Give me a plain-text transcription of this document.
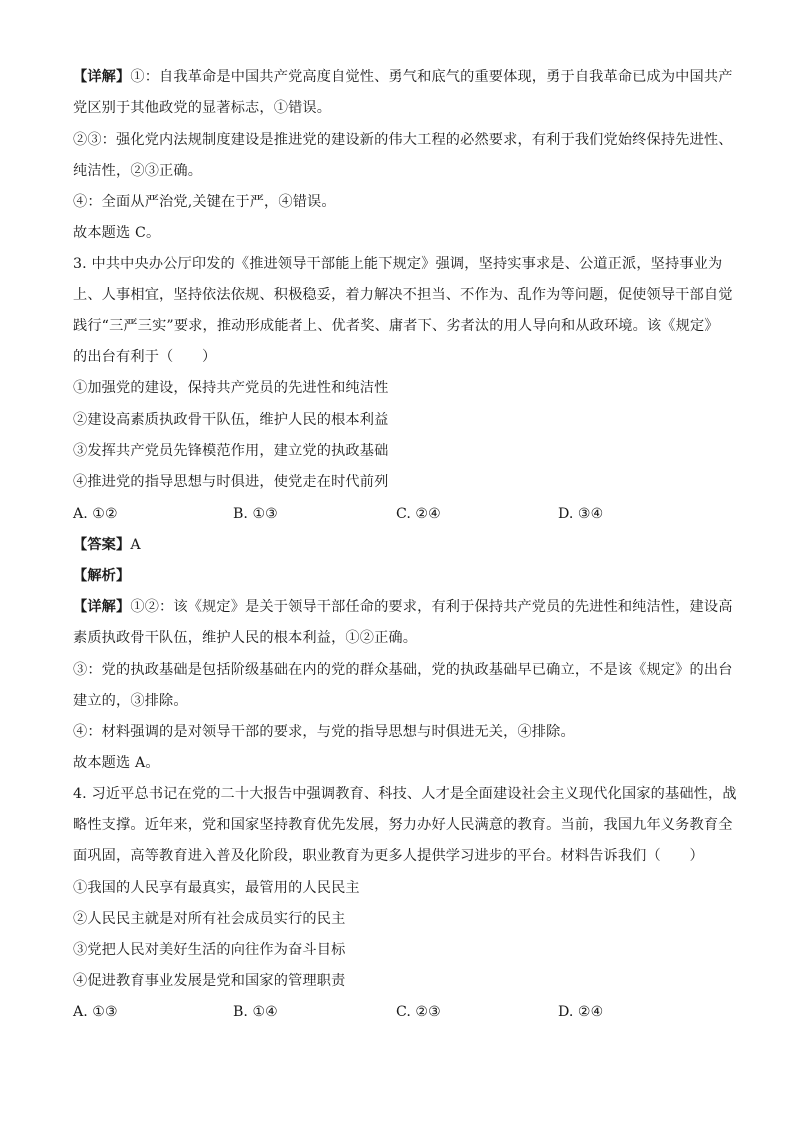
【详解】①：自我革命是中国共产党高度自觉性、勇气和底气的重要体现，勇于自我革命已成为中国共产
党区别于其他政党的显著标志，①错误。
②③：强化党内法规制度建设是推进党的建设新的伟大工程的必然要求，有利于我们党始终保持先进性、
纯洁性，②③正确。
④：全面从严治党,关键在于严，④错误。
故本题选 C。
3. 中共中央办公厅印发的《推进领导干部能上能下规定》强调，坚持实事求是、公道正派，坚持事业为
上、人事相宜，坚持依法依规、积极稳妥，着力解决不担当、不作为、乱作为等问题，促使领导干部自觉
践行“三严三实”要求，推动形成能者上、优者奖、庸者下、劣者汰的用人导向和从政环境。该《规定》
的出台有利于（　　）
①加强党的建设，保持共产党员的先进性和纯洁性
②建设高素质执政骨干队伍，维护人民的根本利益
③发挥共产党员先锋模范作用，建立党的执政基础
④推进党的指导思想与时俱进，使党走在时代前列
A. ①②	B. ①③	C. ②④	D. ③④
【答案】A
【解析】
【详解】①②：该《规定》是关于领导干部任命的要求，有利于保持共产党员的先进性和纯洁性，建设高
素质执政骨干队伍，维护人民的根本利益，①②正确。
③：党的执政基础是包括阶级基础在内的党的群众基础，党的执政基础早已确立，不是该《规定》的出台
建立的，③排除。
④：材料强调的是对领导干部的要求，与党的指导思想与时俱进无关，④排除。
故本题选 A。
4. 习近平总书记在党的二十大报告中强调教育、科技、人才是全面建设社会主义现代化国家的基础性，战
略性支撑。近年来，党和国家坚持教育优先发展，努力办好人民满意的教育。当前，我国九年义务教育全
面巩固，高等教育进入普及化阶段，职业教育为更多人提供学习进步的平台。材料告诉我们（　　）
①我国的人民享有最真实，最管用的人民民主
②人民民主就是对所有社会成员实行的民主
③党把人民对美好生活的向往作为奋斗目标
④促进教育事业发展是党和国家的管理职责
A. ①③	B. ①④	C. ②③	D. ②④
